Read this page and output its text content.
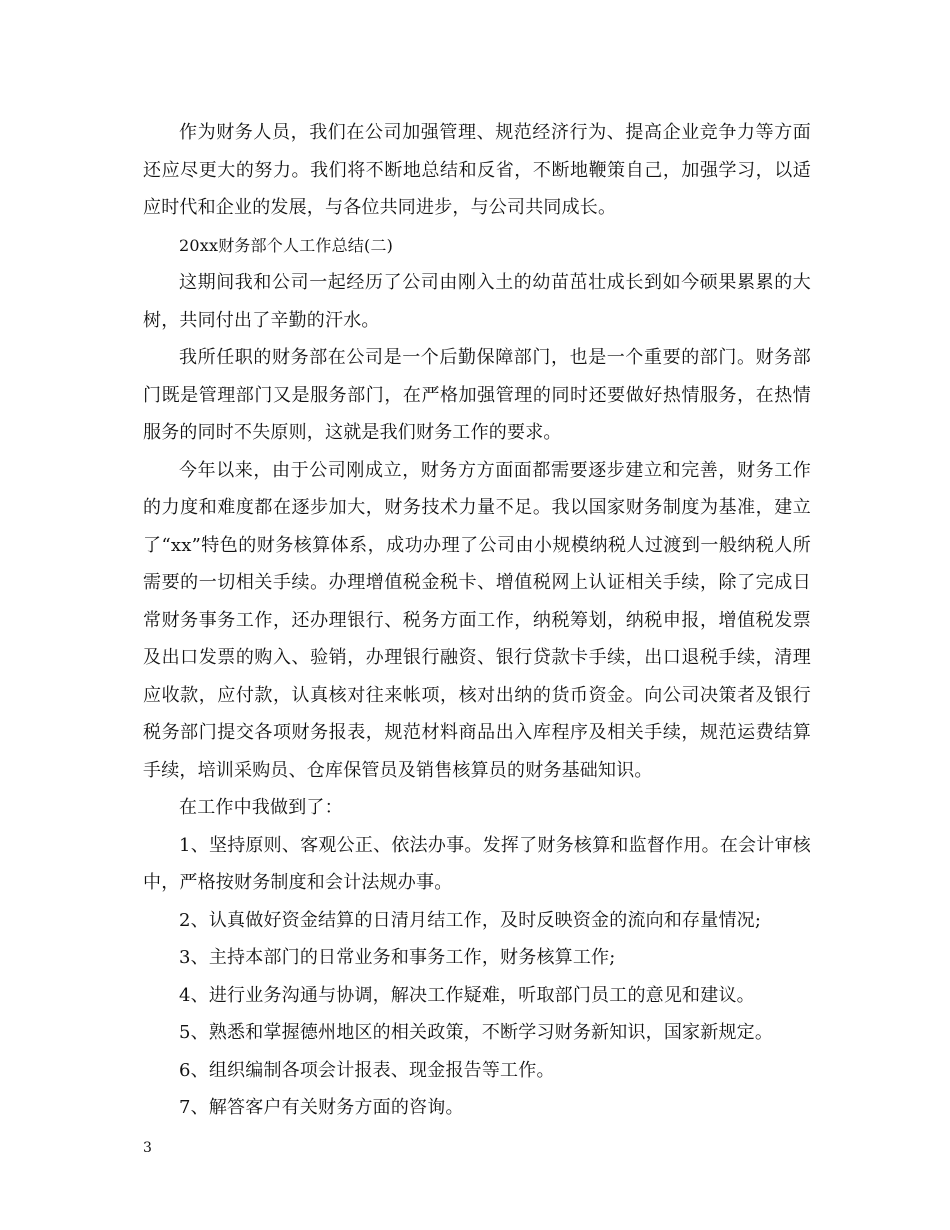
作为财务人员，我们在公司加强管理、规范经济行为、提高企业竞争力等方面还应尽更大的努力。我们将不断地总结和反省，不断地鞭策自己，加强学习，以适应时代和企业的发展，与各位共同进步，与公司共同成长。

20xx财务部个人工作总结(二)

这期间我和公司一起经历了公司由刚入土的幼苗茁壮成长到如今硕果累累的大树，共同付出了辛勤的汗水。

我所任职的财务部在公司是一个后勤保障部门，也是一个重要的部门。财务部门既是管理部门又是服务部门，在严格加强管理的同时还要做好热情服务，在热情服务的同时不失原则，这就是我们财务工作的要求。

今年以来，由于公司刚成立，财务方方面面都需要逐步建立和完善，财务工作的力度和难度都在逐步加大，财务技术力量不足。我以国家财务制度为基准，建立了“xx”特色的财务核算体系，成功办理了公司由小规模纳税人过渡到一般纳税人所需要的一切相关手续。办理增值税金税卡、增值税网上认证相关手续，除了完成日常财务事务工作，还办理银行、税务方面工作，纳税筹划，纳税申报，增值税发票及出口发票的购入、验销，办理银行融资、银行贷款卡手续，出口退税手续，清理应收款，应付款，认真核对往来帐项，核对出纳的货币资金。向公司决策者及银行税务部门提交各项财务报表，规范材料商品出入库程序及相关手续，规范运费结算手续，培训采购员、仓库保管员及销售核算员的财务基础知识。

在工作中我做到了：

1、坚持原则、客观公正、依法办事。发挥了财务核算和监督作用。在会计审核中，严格按财务制度和会计法规办事。

2、认真做好资金结算的日清月结工作，及时反映资金的流向和存量情况;

3、主持本部门的日常业务和事务工作，财务核算工作;

4、进行业务沟通与协调，解决工作疑难，听取部门员工的意见和建议。

5、熟悉和掌握德州地区的相关政策，不断学习财务新知识，国家新规定。

6、组织编制各项会计报表、现金报告等工作。

7、解答客户有关财务方面的咨询。

3
